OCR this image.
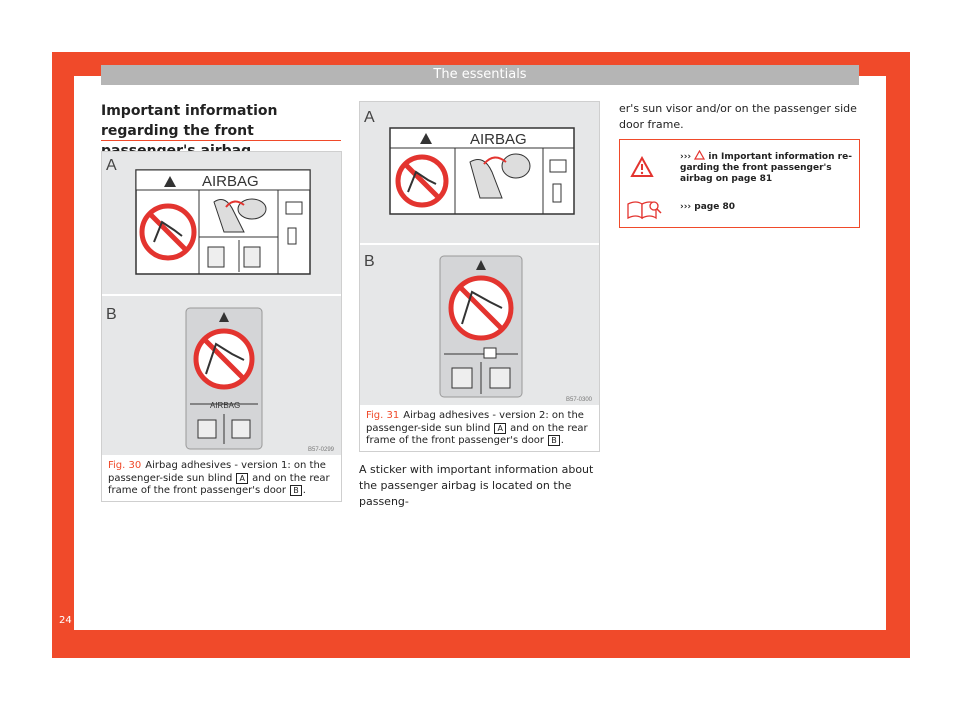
The essentials
24
Important information regarding the front
A
AIRBAG
B
AIRBAG
B57-0299
Fig. 30 Airbag adhesives - version 1: on the passenger-side sun blind A and on the rear frame of the front passenger's door B .
A
AIRBAG
B
B57-0300
Fig. 31 Airbag adhesives - version 2: on the passenger-side sun blind A and on the rear frame of the front passenger's door B .
A sticker with important information about the passenger airbag is located on the passeng-
er's sun visor and/or on the passenger side door frame.
››› in Important information re-garding the front passenger's airbag on page 81
››› page 80
